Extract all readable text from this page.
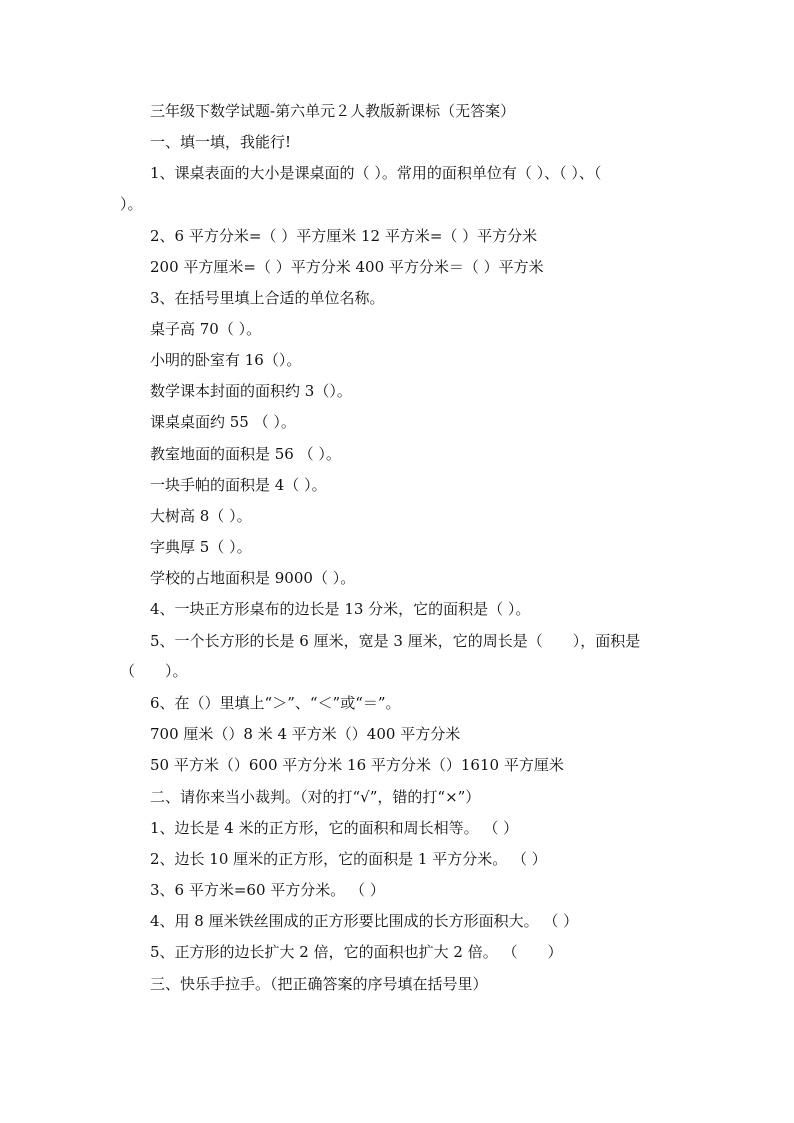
三年级下数学试题-第六单元２人教版新课标（无答案）
一、填一填，我能行!
1、课桌表面的大小是课桌面的（ ）。常用的面积单位有（ ）、（ ）、（
）。
2、6 平方分米=（ ）平方厘米 12 平方米=（ ）平方分米
200 平方厘米=（ ）平方分米 400 平方分米＝（ ）平方米
3、在括号里填上合适的单位名称。
桌子高 70（ ）。
小明的卧室有 16（）。
数学课本封面的面积约 3（）。
课桌桌面约 55 （ ）。
教室地面的面积是 56 （ ）。
一块手帕的面积是 4（ ）。
大树高 8（ ）。
字典厚 5（ ）。
学校的占地面积是 9000（ ）。
4、一块正方形桌布的边长是 13 分米，它的面积是（ ）。
5、一个长方形的长是 6 厘米，宽是 3 厘米，它的周长是（　　），面积是
（　　）。
6、在（）里填上“＞”、“＜”或“＝”。
700 厘米（）8 米 4 平方米（）400 平方分米
50 平方米（）600 平方分米 16 平方分米（）1610 平方厘米
二、请你来当小裁判。（对的打“√”，错的打“×”）
1、边长是 4 米的正方形，它的面积和周长相等。 （ ）
2、边长 10 厘米的正方形，它的面积是 1 平方分米。 （ ）
3、6 平方米=60 平方分米。 （ ）
4、用 8 厘米铁丝围成的正方形要比围成的长方形面积大。 （ ）
5、正方形的边长扩大 2 倍，它的面积也扩大 2 倍。 （　　）
三、快乐手拉手。（把正确答案的序号填在括号里）
